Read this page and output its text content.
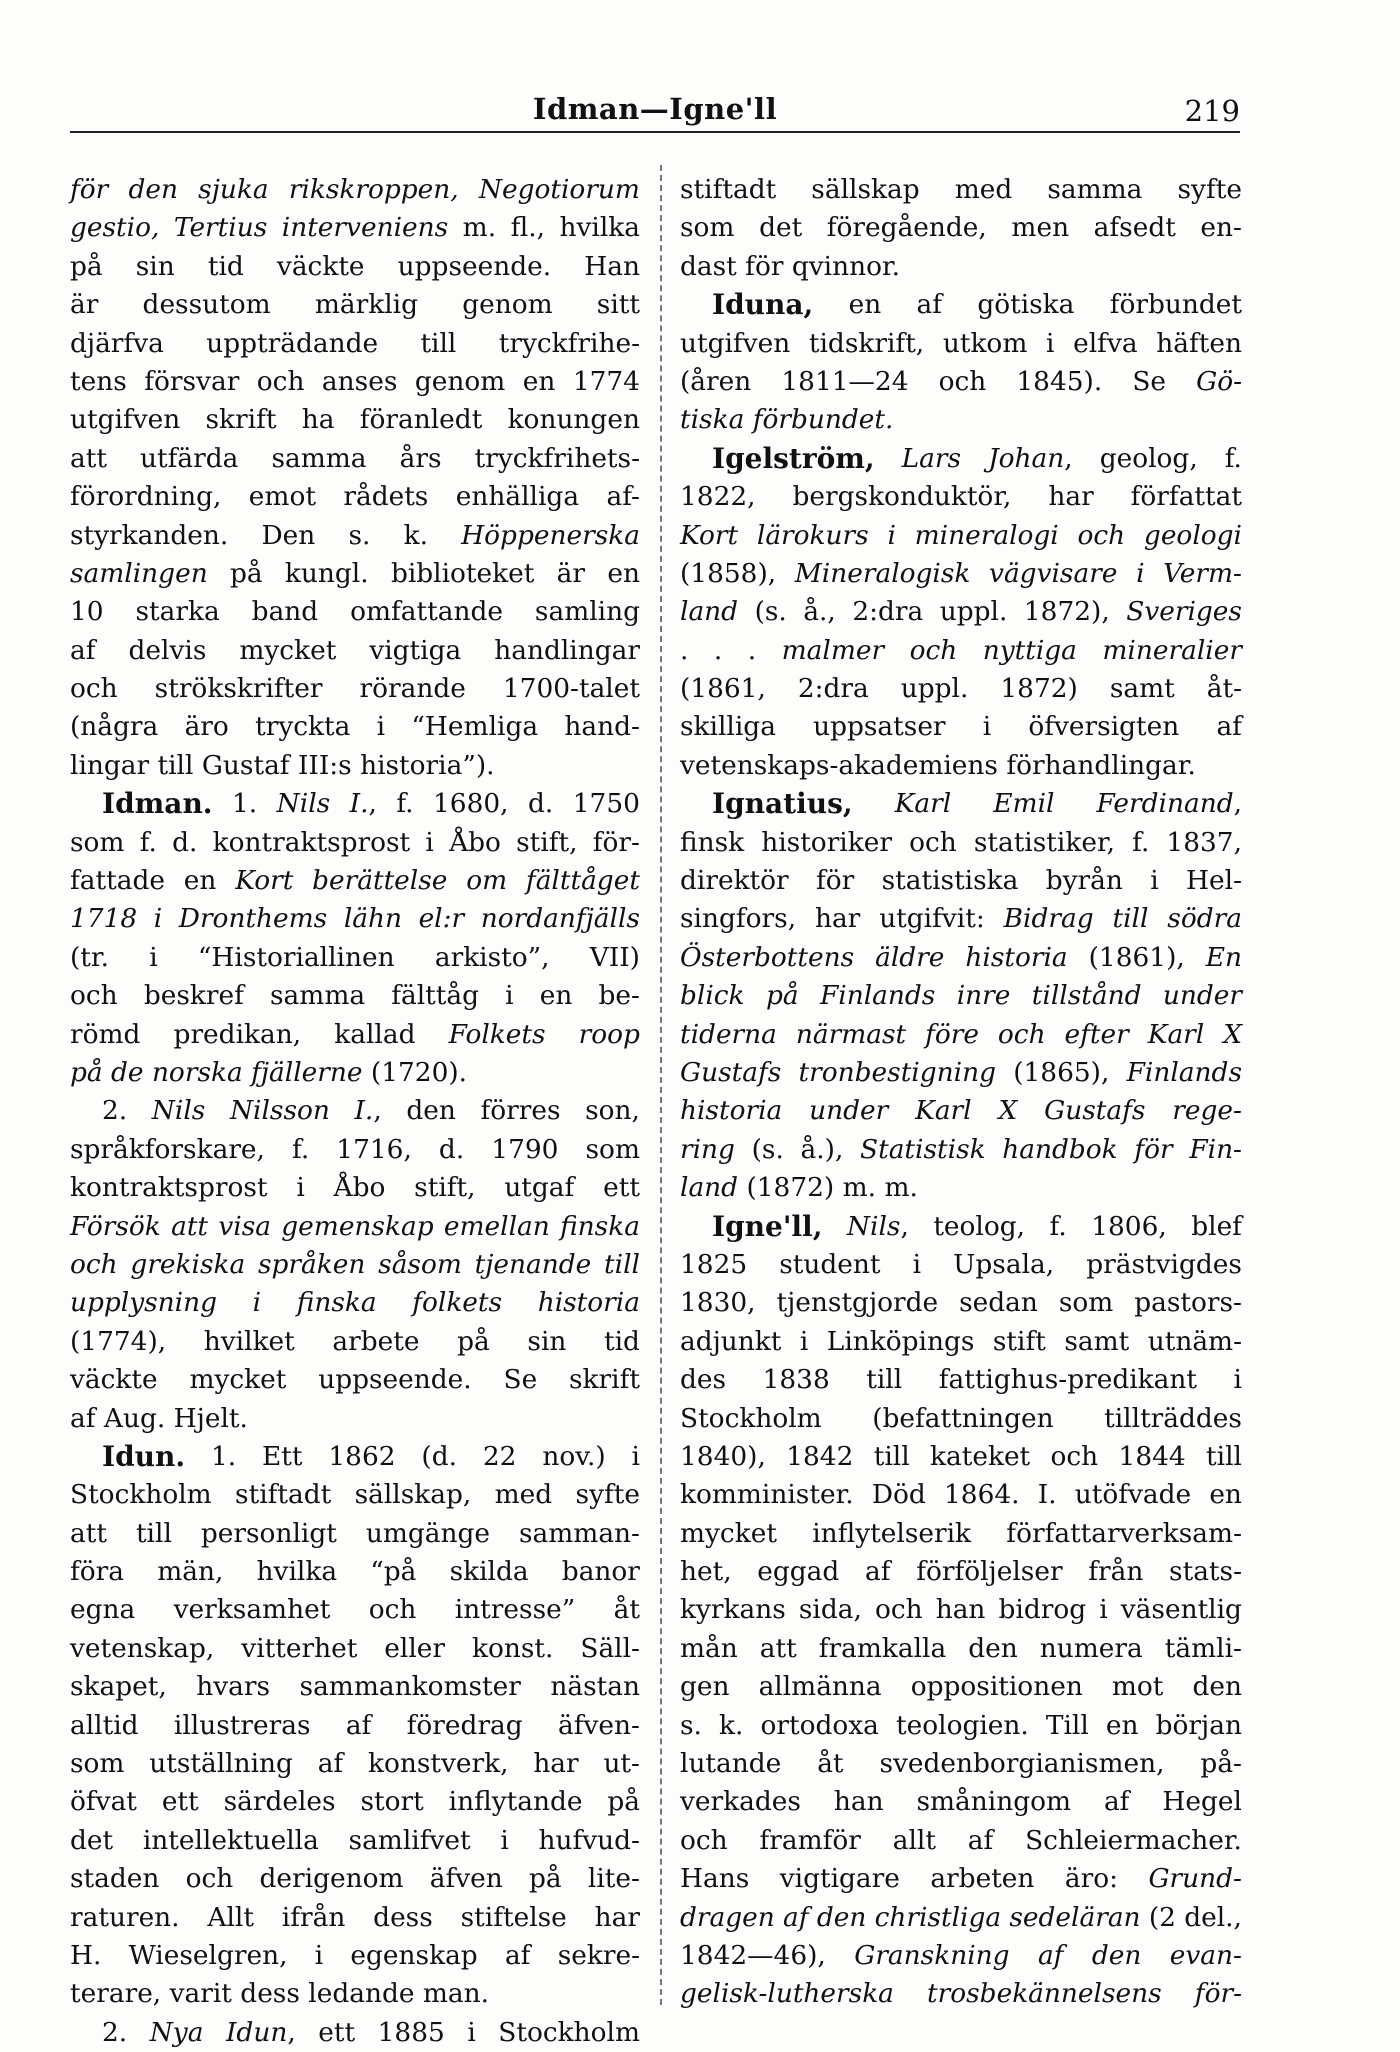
Idman—Igne'll	219
för den sjuka rikskroppen, Negotiorum
gestio, Tertius interveniens m. fl., hvilka
på sin tid väckte uppseende. Han
är dessutom märklig genom sitt
djärfva uppträdande till tryckfrihe-
tens försvar och anses genom en 1774
utgifven skrift ha föranledt konungen
att utfärda samma års tryckfrihets-
förordning, emot rådets enhälliga af-
styrkanden. Den s. k. Höppenerska
samlingen på kungl. biblioteket är en
10 starka band omfattande samling
af delvis mycket vigtiga handlingar
och strökskrifter rörande 1700-talet
(några äro tryckta i “Hemliga hand-
lingar till Gustaf III:s historia”).
Idman. 1. Nils I., f. 1680, d. 1750
som f. d. kontraktsprost i Åbo stift, för-
fattade en Kort berättelse om fälttåget
1718 i Dronthems lähn el:r nordanfjälls
(tr. i “Historiallinen arkisto”, VII)
och beskref samma fälttåg i en be-
römd predikan, kallad Folkets roop
på de norska fjällerne (1720).
2. Nils Nilsson I., den förres son,
språkforskare, f. 1716, d. 1790 som
kontraktsprost i Åbo stift, utgaf ett
Försök att visa gemenskap emellan finska
och grekiska språken såsom tjenande till
upplysning i finska folkets historia
(1774), hvilket arbete på sin tid
väckte mycket uppseende. Se skrift
af Aug. Hjelt.
Idun. 1. Ett 1862 (d. 22 nov.) i
Stockholm stiftadt sällskap, med syfte
att till personligt umgänge samman-
föra män, hvilka “på skilda banor
egna verksamhet och intresse” åt
vetenskap, vitterhet eller konst. Säll-
skapet, hvars sammankomster nästan
alltid illustreras af föredrag äfven-
som utställning af konstverk, har ut-
öfvat ett särdeles stort inflytande på
det intellektuella samlifvet i hufvud-
staden och derigenom äfven på lite-
raturen. Allt ifrån dess stiftelse har
H. Wieselgren, i egenskap af sekre-
terare, varit dess ledande man.
2. Nya Idun, ett 1885 i Stockholm
stiftadt sällskap med samma syfte
som det föregående, men afsedt en-
dast för qvinnor.
Iduna, en af götiska förbundet
utgifven tidskrift, utkom i elfva häften
(åren 1811—24 och 1845). Se Gö-
tiska förbundet.
Igelström, Lars Johan, geolog, f.
1822, bergskonduktör, har författat
Kort lärokurs i mineralogi och geologi
(1858), Mineralogisk vägvisare i Verm-
land (s. å., 2:dra uppl. 1872), Sveriges
. . . malmer och nyttiga mineralier
(1861, 2:dra uppl. 1872) samt åt-
skilliga uppsatser i öfversigten af
vetenskaps-akademiens förhandlingar.
Ignatius, Karl Emil Ferdinand,
finsk historiker och statistiker, f. 1837,
direktör för statistiska byrån i Hel-
singfors, har utgifvit: Bidrag till södra
Österbottens äldre historia (1861), En
blick på Finlands inre tillstånd under
tiderna närmast före och efter Karl X
Gustafs tronbestigning (1865), Finlands
historia under Karl X Gustafs rege-
ring (s. å.), Statistisk handbok för Fin-
land (1872) m. m.
Igne'll, Nils, teolog, f. 1806, blef
1825 student i Upsala, prästvigdes
1830, tjenstgjorde sedan som pastors-
adjunkt i Linköpings stift samt utnäm-
des 1838 till fattighus-predikant i
Stockholm (befattningen tillträddes
1840), 1842 till kateket och 1844 till
komminister. Död 1864. I. utöfvade en
mycket inflytelserik författarverksam-
het, eggad af förföljelser från stats-
kyrkans sida, och han bidrog i väsentlig
mån att framkalla den numera tämli-
gen allmänna oppositionen mot den
s. k. ortodoxa teologien. Till en början
lutande åt svedenborgianismen, på-
verkades han småningom af Hegel
och framför allt af Schleiermacher.
Hans vigtigare arbeten äro: Grund-
dragen af den christliga sedeläran (2 del.,
1842—46), Granskning af den evan-
gelisk-lutherska trosbekännelsens för-
